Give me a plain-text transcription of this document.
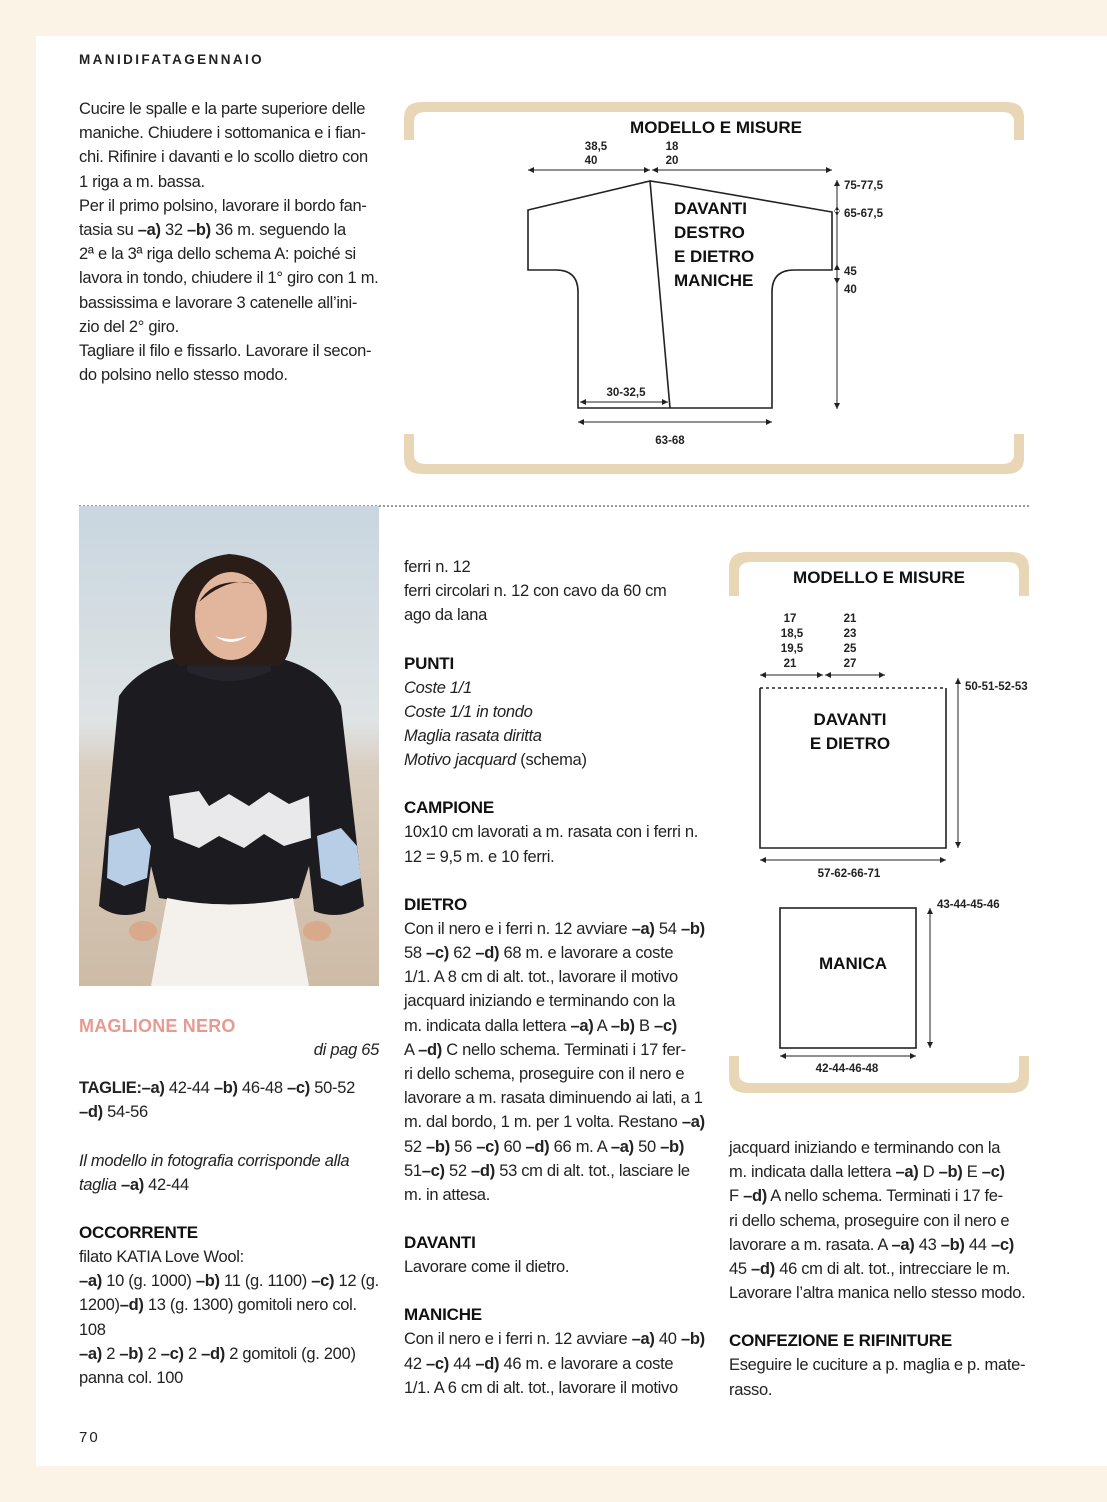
MANIDIFATAGENNAIO

Cucire le spalle e la parte superiore delle

maniche. Chiudere i sottomanica e i fian-

chi. Rifinire i davanti e lo scollo dietro con

1 riga a m. bassa.

Per il primo polsino, lavorare il bordo fan-

tasia su –a) 32 –b) 36 m. seguendo la

2ª e la 3ª riga dello schema A: poiché si

lavora in tondo, chiudere il 1° giro con 1 m.

bassissima e lavorare 3 catenelle all’ini-

zio del 2° giro.

Tagliare il filo e fissarlo. Lavorare il secon-

do polsino nello stesso modo.

MODELLO E MISURE
38,5
40
18
20
DAVANTI
DESTRO
E DIETRO
MANICHE
75-77,5
65-67,5
45
40
30-32,5
63-68

MAGLIONE NERO

di pag 65

TAGLIE:–a) 42-44 –b) 46-48 –c) 50-52

–d) 54-56

Il modello in fotografia corrisponde alla

taglia –a) 42-44

OCCORRENTE

filato KATIA Love Wool:

–a) 10 (g. 1000) –b) 11 (g. 1100) –c) 12 (g.

1200)–d) 13 (g. 1300) gomitoli nero col.

108

–a) 2 –b) 2 –c) 2 –d) 2 gomitoli (g. 200)

panna col. 100

ferri n. 12

ferri circolari n. 12 con cavo da 60 cm

ago da lana

PUNTI

Coste 1/1

Coste 1/1 in tondo

Maglia rasata diritta

Motivo jacquard (schema)

CAMPIONE

10x10 cm lavorati a m. rasata con i ferri n.

12 = 9,5 m. e 10 ferri.

DIETRO

Con il nero e i ferri n. 12 avviare –a) 54 –b)

58 –c) 62 –d) 68 m. e lavorare a coste

1/1. A 8 cm di alt. tot., lavorare il motivo

jacquard iniziando e terminando con la

m. indicata dalla lettera –a) A –b) B –c)

A –d) C nello schema. Terminati i 17 fer-

ri dello schema, proseguire con il nero e

lavorare a m. rasata diminuendo ai lati, a 1

m. dal bordo, 1 m. per 1 volta. Restano –a)

52 –b) 56 –c) 60 –d) 66 m. A –a) 50 –b)

51–c) 52 –d) 53 cm di alt. tot., lasciare le

m. in attesa.

DAVANTI

Lavorare come il dietro.

MANICHE

Con il nero e i ferri n. 12 avviare –a) 40 –b)

42 –c) 44 –d) 46 m. e lavorare a coste

1/1. A 6 cm di alt. tot., lavorare il motivo

MODELLO E MISURE
17
18,5
19,5
21
21
23
25
27
DAVANTI
E DIETRO
50-51-52-53
57-62-66-71
MANICA
43-44-45-46
42-44-46-48

jacquard iniziando e terminando con la

m. indicata dalla lettera –a) D –b) E –c)

F –d) A nello schema. Terminati i 17 fe-

ri dello schema, proseguire con il nero e

lavorare a m. rasata. A –a) 43 –b) 44 –c)

45 –d) 46 cm di alt. tot., intrecciare le m.

Lavorare l’altra manica nello stesso modo.

CONFEZIONE E RIFINITURE

Eseguire le cuciture a p. maglia e p. mate-

rasso.

70
